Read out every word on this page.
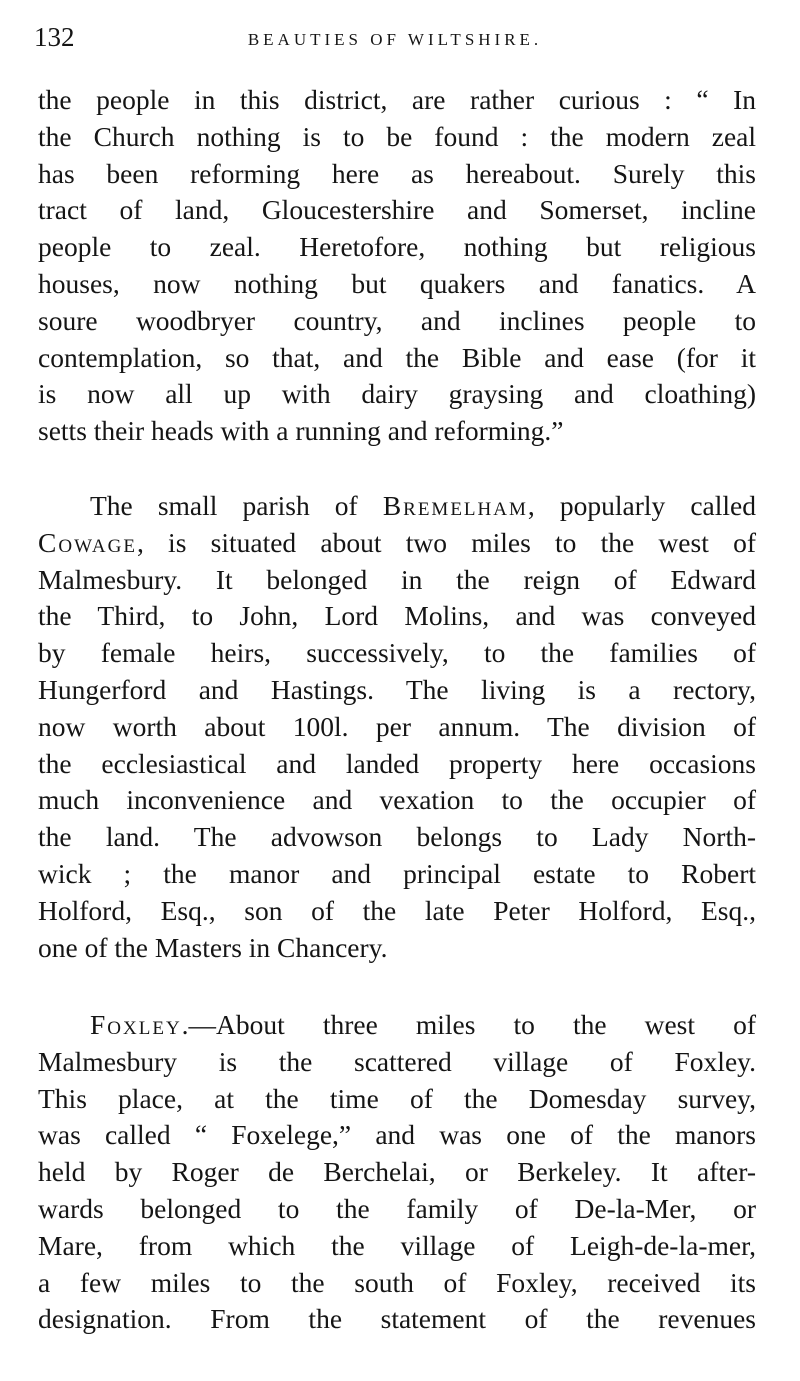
132	BEAUTIES OF WILTSHIRE.
the people in this district, are rather curious : “ In
the Church nothing is to be found : the modern zeal
has been reforming here as hereabout. Surely this
tract of land, Gloucestershire and Somerset, incline
people to zeal. Heretofore, nothing but religious
houses, now nothing but quakers and fanatics. A
soure woodbryer country, and inclines people to
contemplation, so that, and the Bible and ease (for it
is now all up with dairy graysing and cloathing)
setts their heads with a running and reforming.”
The small parish of Bremelham, popularly called
Cowage, is situated about two miles to the west of
Malmesbury. It belonged in the reign of Edward
the Third, to John, Lord Molins, and was conveyed
by female heirs, successively, to the families of
Hungerford and Hastings. The living is a rectory,
now worth about 100l. per annum. The division of
the ecclesiastical and landed property here occasions
much inconvenience and vexation to the occupier of
the land. The advowson belongs to Lady North-
wick ; the manor and principal estate to Robert
Holford, Esq., son of the late Peter Holford, Esq.,
one of the Masters in Chancery.
Foxley.—About three miles to the west of
Malmesbury is the scattered village of Foxley.
This place, at the time of the Domesday survey,
was called “ Foxelege,” and was one of the manors
held by Roger de Berchelai, or Berkeley. It after-
wards belonged to the family of De-la-Mer, or
Mare, from which the village of Leigh-de-la-mer,
a few miles to the south of Foxley, received its
designation. From the statement of the revenues
